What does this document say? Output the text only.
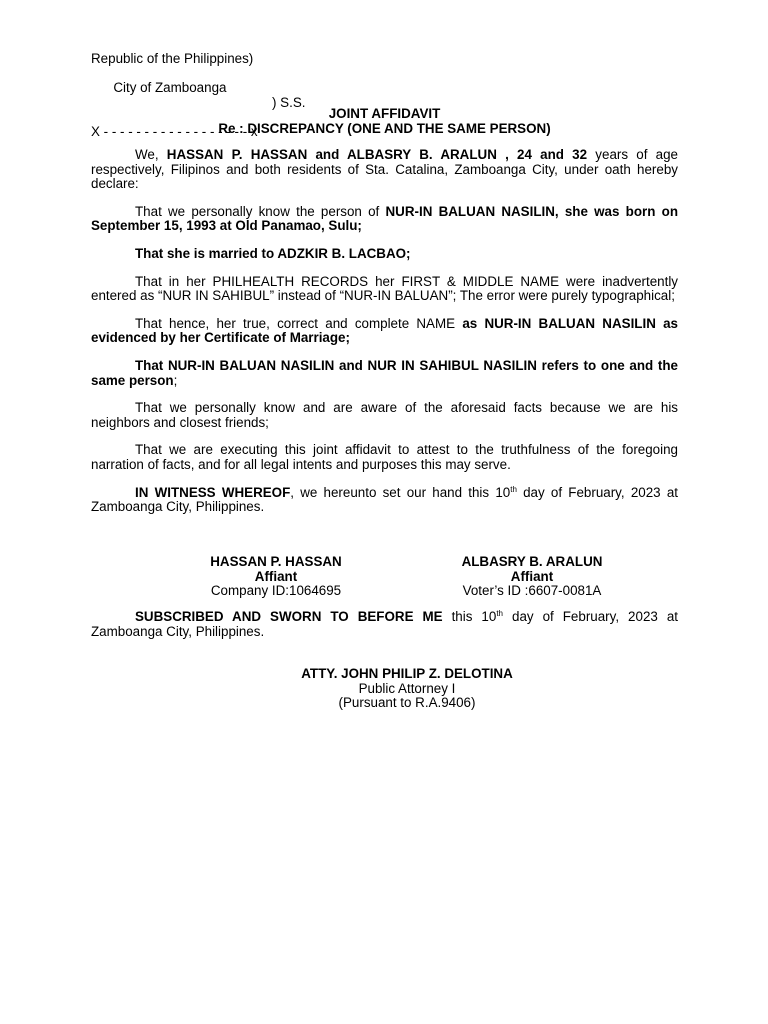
Republic of the Philippines)

City of Zamboanga

) S.S.

X - - - - - - - - - - - - - - - - - - x
JOINT AFFIDAVIT
Re : DISCREPANCY (ONE AND THE SAME PERSON)

We, HASSAN P. HASSAN and ALBASRY B. ARALUN , 24 and 32 years of age respectively, Filipinos and both residents of Sta. Catalina, Zamboanga City, under oath hereby declare:

That we personally know the person of NUR-IN BALUAN NASILIN, she was born on September 15, 1993 at Old Panamao, Sulu;

That she is married to ADZKIR B. LACBAO;

That in her PHILHEALTH RECORDS her FIRST & MIDDLE NAME were inadvertently entered as “NUR IN SAHIBUL” instead of “NUR-IN BALUAN”; The error were purely typographical;

That hence, her true, correct and complete NAME as NUR-IN BALUAN NASILIN as evidenced by her Certificate of Marriage;

That NUR-IN BALUAN NASILIN and NUR IN SAHIBUL NASILIN refers to one and the same person;

That we personally know and are aware of the aforesaid facts because we are his neighbors and closest friends;

That we are executing this joint affidavit to attest to the truthfulness of the foregoing narration of facts, and for all legal intents and purposes this may serve.

IN WITNESS WHEREOF, we hereunto set our hand this 10th day of February, 2023 at Zamboanga City, Philippines.

HASSAN P. HASSAN
Affiant
Company ID:1064695
ALBASRY B. ARALUN
Affiant
Voter’s ID :6607-0081A

SUBSCRIBED AND SWORN TO BEFORE ME this 10th day of February, 2023 at Zamboanga City, Philippines.

ATTY. JOHN PHILIP Z. DELOTINA
Public Attorney I
(Pursuant to R.A.9406)
